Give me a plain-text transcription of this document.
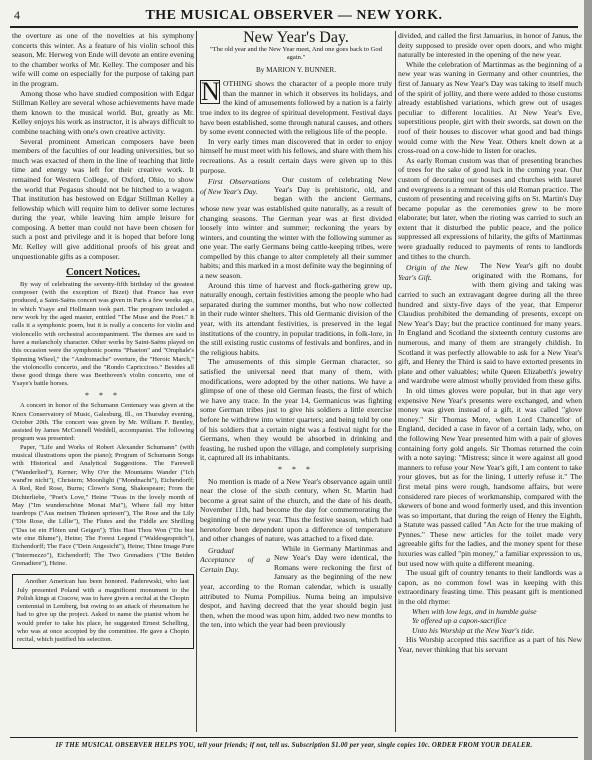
4	THE MUSICAL OBSERVER — NEW YORK.

the overture as one of the novelties at his symphony concerts this winter. As a feature of his violin school this season, Mr. Herweg von Ende will devote an entire evening to the chamber works of Mr. Kelley. The composer and his wife will come on especially for the purpose of taking part in the program.

Among those who have studied composition with Edgar Stillman Kelley are several whose achievements have made them known to the musical world. But, greatly as Mr. Kelley enjoys his work as instructor, it is always difficult to combine teaching with one's own creative activity.

Several prominent American composers have been members of the faculties of our leading universities, but so much was exacted of them in the line of teaching that little time and energy was left for their creative work. It remained for Western College, of Oxford, Ohio, to show the world that Pegasus should not be hitched to a wagon. That institution has bestowed on Edgar Stillman Kelley a fellowship which will require him to deliver some lectures during the year, while leaving him ample leisure for composing. A better man could not have been chosen for such a post and privilege and it is hoped that before long Mr. Kelley will give additional proofs of his great and unquestionable gifts as a composer.

Concert Notices.

By way of celebrating the seventy-fifth birthday of the greatest composer (with the exception of Bizet) that France has ever produced, a Saint-Saëns concert was given in Paris a few weeks ago, in which Ysaye and Hollmann took part. The program included a new work by the aged master, entitled "The Muse and the Poet." It calls it a symphonic poem, but it is really a concerto for violin and violoncello with orchestral accompaniment. The themes are said to have a melancholy character. Other works by Saint-Saëns played on this occasion were the symphonic poems "Phaeton" and "Omphale's Spinning Wheel," the "Andromache" overture, the "Heroic March," the violoncello concerto, and the "Rondo Capriccioso." Besides all these good things there was Beethoven's violin concerto, one of Ysaye's battle horses.

* * *

A concert in honor of the Schumann Centenary was given at the Knox Conservatory of Music, Galesburg, Ill., on Thursday evening, October 20th. The concert was given by Mr. William F. Bentley, assisted by James McConnell Weddell, accompanist. The following program was presented:

Paper, "Life and Works of Robert Alexander Schumann" (with musical illustrations upon the piano); Program of Schumann Songs with Historical and Analytical Suggestions. The Farewell ("Wanderlied"), Kerner; Why O'er the Mountains Wander ("Ich wand're nicht"), Christern; Moonlight ("Mondnacht"), Eichendorff; A Red, Red Rose, Burns; Clown's Song, Shakespeare; From the Dichterliebe, "Poet's Love," Heine "Twas in the lovely month of May ("Im wunderschöne Monat Mai"), Where fall my bitter teardrops ("Aus meinen Thränen spriesen"), The Rose and the Lily ("Die Rose, die Lillie"), The Flutes and the Fiddle are Shrilling ("Das ist ein Flöten und Geigen"); This Hast Thou Won ("Du bist wie eine Blume"), Heine; The Forest Legend ("Waldesgespräch"), Eichendorff; The Face ("Dein Angesicht"), Heine; Thine Image Pure ("Intermezzo"), Eichendorff; The Two Grenadiers ("Die Beiden Grenadiere"), Heine.

Another American has been honored. Paderewski, who last July presented Poland with a magnificent monument to the Polish kings at Cracow, was to have given a recital at the Chopin centennial in Lemberg, but owing to an attack of rheumatism he had to give up the project. Asked to name the pianist whom he would prefer to take his place, he suggested Ernest Schelling, who was at once accepted by the committee. He gave a Chopin recital, which justified his selection.

New Year's Day.
"The old year and the New Year meet, And one goes back to God again."
By MARION Y. BUNNER.

N OTHING shows the character of a people more truly than the manner in which it observes its holidays, and the kind of amusements followed by a nation is a fairly true index to its degree of spiritual development. Festival days have been established, some through natural causes, and others by some event connected with the religious life of the people.

In very early times man discovered that in order to enjoy himself he must meet with his fellows, and share with them his recreations. As a result certain days were given up to this purpose.

First Observations of New Year's Day.
Our custom of celebrating New Year's Day is prehistoric, old, and began with the ancient Germans, whose new year was established quite naturally, as a result of changing seasons. The German year was at first divided loosely into winter and summer; reckoning the years by winters, and counting the winter with the following summer as one year. The early Germans being cattle-keeping tribes, were compelled by this change to alter completely all their summer habits; and this marked in a most definite way the beginning of a new season.

Around this time of harvest and flock-gathering grew up, naturally enough, certain festivities among the people who had separated during the summer months, but who now collected in their rude winter shelters. This old Germanic division of the year, with its attendant festivities, is preserved in the legal institutions of the country, in popular traditions, in folk-lore, in the still existing rustic customs of festivals and bonfires, and in the religious habits.

The amusements of this simple German character, so satisfied the universal need that many of them, with modifications, were adopted by the other nations. We have a glimpse of one of these old German feasts, the first of which we have any trace. In the year 14, Germanicus was fighting some German tribes just to give his soldiers a little exercise before he withdrew into winter quarters; and being told by one of his soldiers that a certain night was a festival night for the Germans, when they would be absorbed in drinking and feasting, he rushed upon the village, and completely surprising it, captured all its inhabitants.

* * *

No mention is made of a New Year's observance again until near the close of the sixth century, when St. Martin had become a great saint of the church, and the date of his death, November 11th, had become the day for commemorating the beginning of the new year. Thus the festive season, which had heretofore been dependent upon a difference of temperature and other changes of nature, was attached to a fixed date.

Gradual Acceptance of a Certain Day.
While in Germany Martinmas and New Year's Day were identical, the Romans were reckoning the first of January as the beginning of the new year, according to the Roman calendar, which is usually attributed to Numa Pompilius. Numa being an impulsive despot, and having decreed that the year should begin just then, when the mood was upon him, added two new months to the ten, into which the year had been previously

divided, and called the first Januarius, in honor of Janus, the deity supposed to preside over open doors, and who might naturally be interested in the opening of the new year.

While the celebration of Martinmas as the beginning of a new year was waning in Germany and other countries, the first of January as New Year's Day was taking to itself much of the spirit of jollity, and there were added to those customs already established variations, which grew out of usages peculiar to different localities. At New Year's Eve, superstitious people, girt with their swords, sat down on the roof of their houses to discover what good and bad things would come with the New Year. Others knelt down at a cross-road on a cow-hide to listen for oracles.

As early Roman custom was that of presenting branches of trees for the sake of good luck in the coming year. Our custom of decorating our houses and churches with laurel and evergreens is a remnant of this old Roman practice. The custom of presenting and receiving gifts on St. Martin's Day became popular as the ceremonies grew to be more elaborate; but later, when the rioting was carried to such an extent that it disturbed the public peace, and the police suppressed all expressions of hilarity, the gifts of Martinmas were gradually reduced to payments of rents to landlords and tithes to the church.

Origin of the New Year's Gift.
The New Year's gift no doubt originated with the Romans, for with them giving and taking was carried to such an extravagant degree during all the three hundred and sixty-five days of the year, that Emperor Claudius prohibited the demanding of presents, except on New Year's Day; but the practice continued for many years. In England and Scotland the sixteenth century customs are numerous, and many of them are strangely childish. In Scotland it was perfectly allowable to ask for a New Year's gift, and Henry the Third is said to have extorted presents in plate and other valuables; while Queen Elizabeth's jewelry and wardrobe were almost wholly provided from these gifts.

In old times gloves were popular, but in that age very expensive New Year's presents were exchanged, and when money was given instead of a gift, it was called "glove money." Sir Thomas More, when Lord Chancellor of England, decided a case in favor of a certain lady, who, on the following New Year presented him with a pair of gloves containing forty gold angels. Sir Thomas returned the coin with a note saying: "Mistress; since it were against all good manners to refuse your New Year's gift, I am content to take your gloves, but as for the lining, I utterly refuse it." The first metal pins were rough, handsome affairs, but were considered rare pieces of workmanship, compared with the skewers of bone and wood formerly used, and this invention was so important, that during the reign of Henry the Eighth, a Statute was passed called "An Acte for the true making of Pynnes." These new articles for the toilet made very agreeable gifts for the ladies, and the money spent for these luxuries was called "pin money," a familiar expression to us, but used now with quite a different meaning.

The usual gift of country tenants to their landlords was a capon, as no common fowl was in keeping with this extraordinary feasting time. This peasant gift is mentioned in the old rhyme:

When with low legs, and in humble guise
Ye offered up a capon-sacrifice
Unto his Worship at the New Year's tide.

His Worship accepted this sacrifice as a part of his New Year, never thinking that his servant

IF THE MUSICAL OBSERVER HELPS YOU, tell your friends; if not, tell us. Subscription $1.00 per year, single copies 10c. ORDER FROM YOUR DEALER.
